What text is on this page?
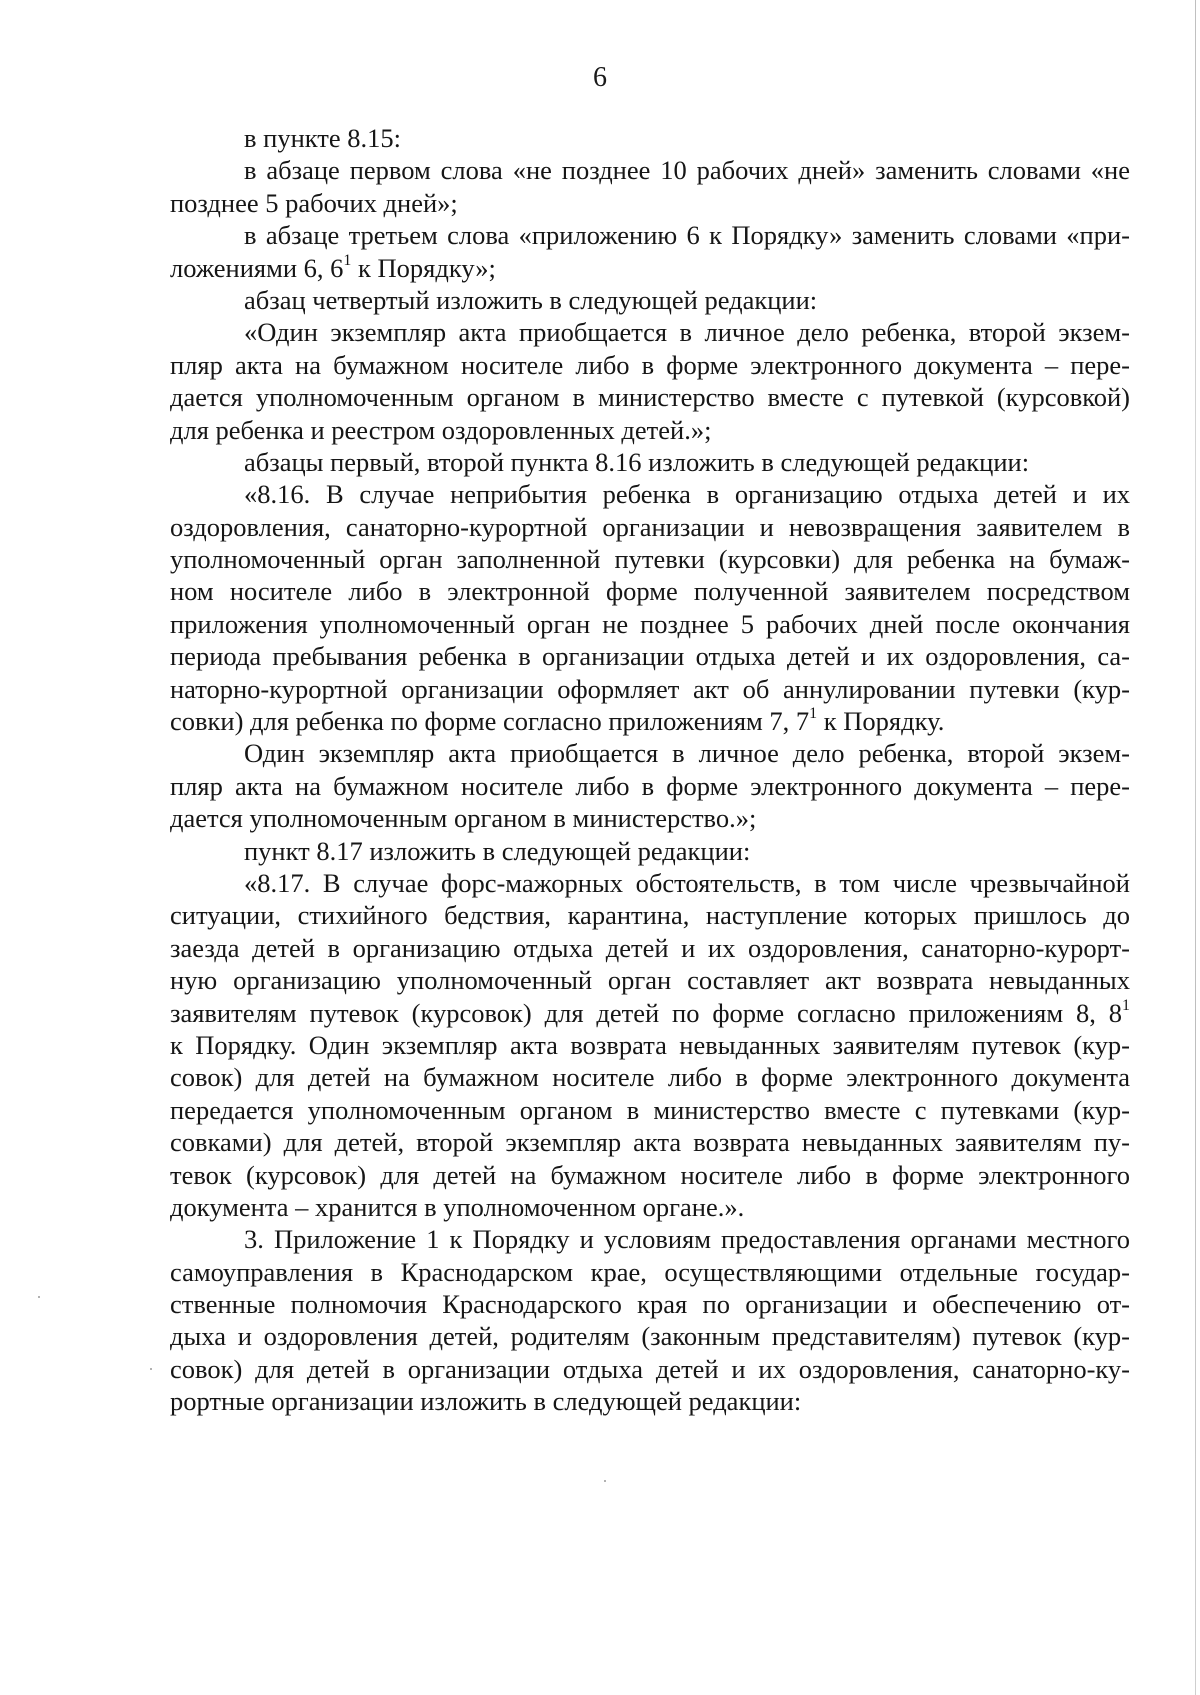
6
в пункте 8.15:
в абзаце первом слова «не позднее 10 рабочих дней» заменить словами «не
позднее 5 рабочих дней»;
в абзаце третьем слова «приложению 6 к Порядку» заменить словами «при-
ложениями 6, $6^1$ к Порядку»;
абзац четвертый изложить в следующей редакции:
«Один экземпляр акта приобщается в личное дело ребенка, второй экзем-
пляр акта на бумажном носителе либо в форме электронного документа – пере-
дается уполномоченным органом в министерство вместе с путевкой (курсовкой)
для ребенка и реестром оздоровленных детей.»;
абзацы первый, второй пункта 8.16 изложить в следующей редакции:
«8.16. В случае неприбытия ребенка в организацию отдыха детей и их
оздоровления, санаторно-курортной организации и невозвращения заявителем в
уполномоченный орган заполненной путевки (курсовки) для ребенка на бумаж-
ном носителе либо в электронной форме полученной заявителем посредством
приложения уполномоченный орган не позднее 5 рабочих дней после окончания
периода пребывания ребенка в организации отдыха детей и их оздоровления, са-
наторно-курортной организации оформляет акт об аннулировании путевки (кур-
совки) для ребенка по форме согласно приложениям 7, $7^1$ к Порядку.
Один экземпляр акта приобщается в личное дело ребенка, второй экзем-
пляр акта на бумажном носителе либо в форме электронного документа – пере-
дается уполномоченным органом в министерство.»;
пункт 8.17 изложить в следующей редакции:
«8.17. В случае форс-мажорных обстоятельств, в том числе чрезвычайной
ситуации, стихийного бедствия, карантина, наступление которых пришлось до
заезда детей в организацию отдыха детей и их оздоровления, санаторно-курорт-
ную организацию уполномоченный орган составляет акт возврата невыданных
заявителям путевок (курсовок) для детей по форме согласно приложениям 8, $8^1$
к Порядку. Один экземпляр акта возврата невыданных заявителям путевок (кур-
совок) для детей на бумажном носителе либо в форме электронного документа
передается уполномоченным органом в министерство вместе с путевками (кур-
совками) для детей, второй экземпляр акта возврата невыданных заявителям пу-
тевок (курсовок) для детей на бумажном носителе либо в форме электронного
документа – хранится в уполномоченном органе.».
3. Приложение 1 к Порядку и условиям предоставления органами местного
самоуправления в Краснодарском крае, осуществляющими отдельные государ-
ственные полномочия Краснодарского края по организации и обеспечению от-
дыха и оздоровления детей, родителям (законным представителям) путевок (кур-
совок) для детей в организации отдыха детей и их оздоровления, санаторно-ку-
рортные организации изложить в следующей редакции:
